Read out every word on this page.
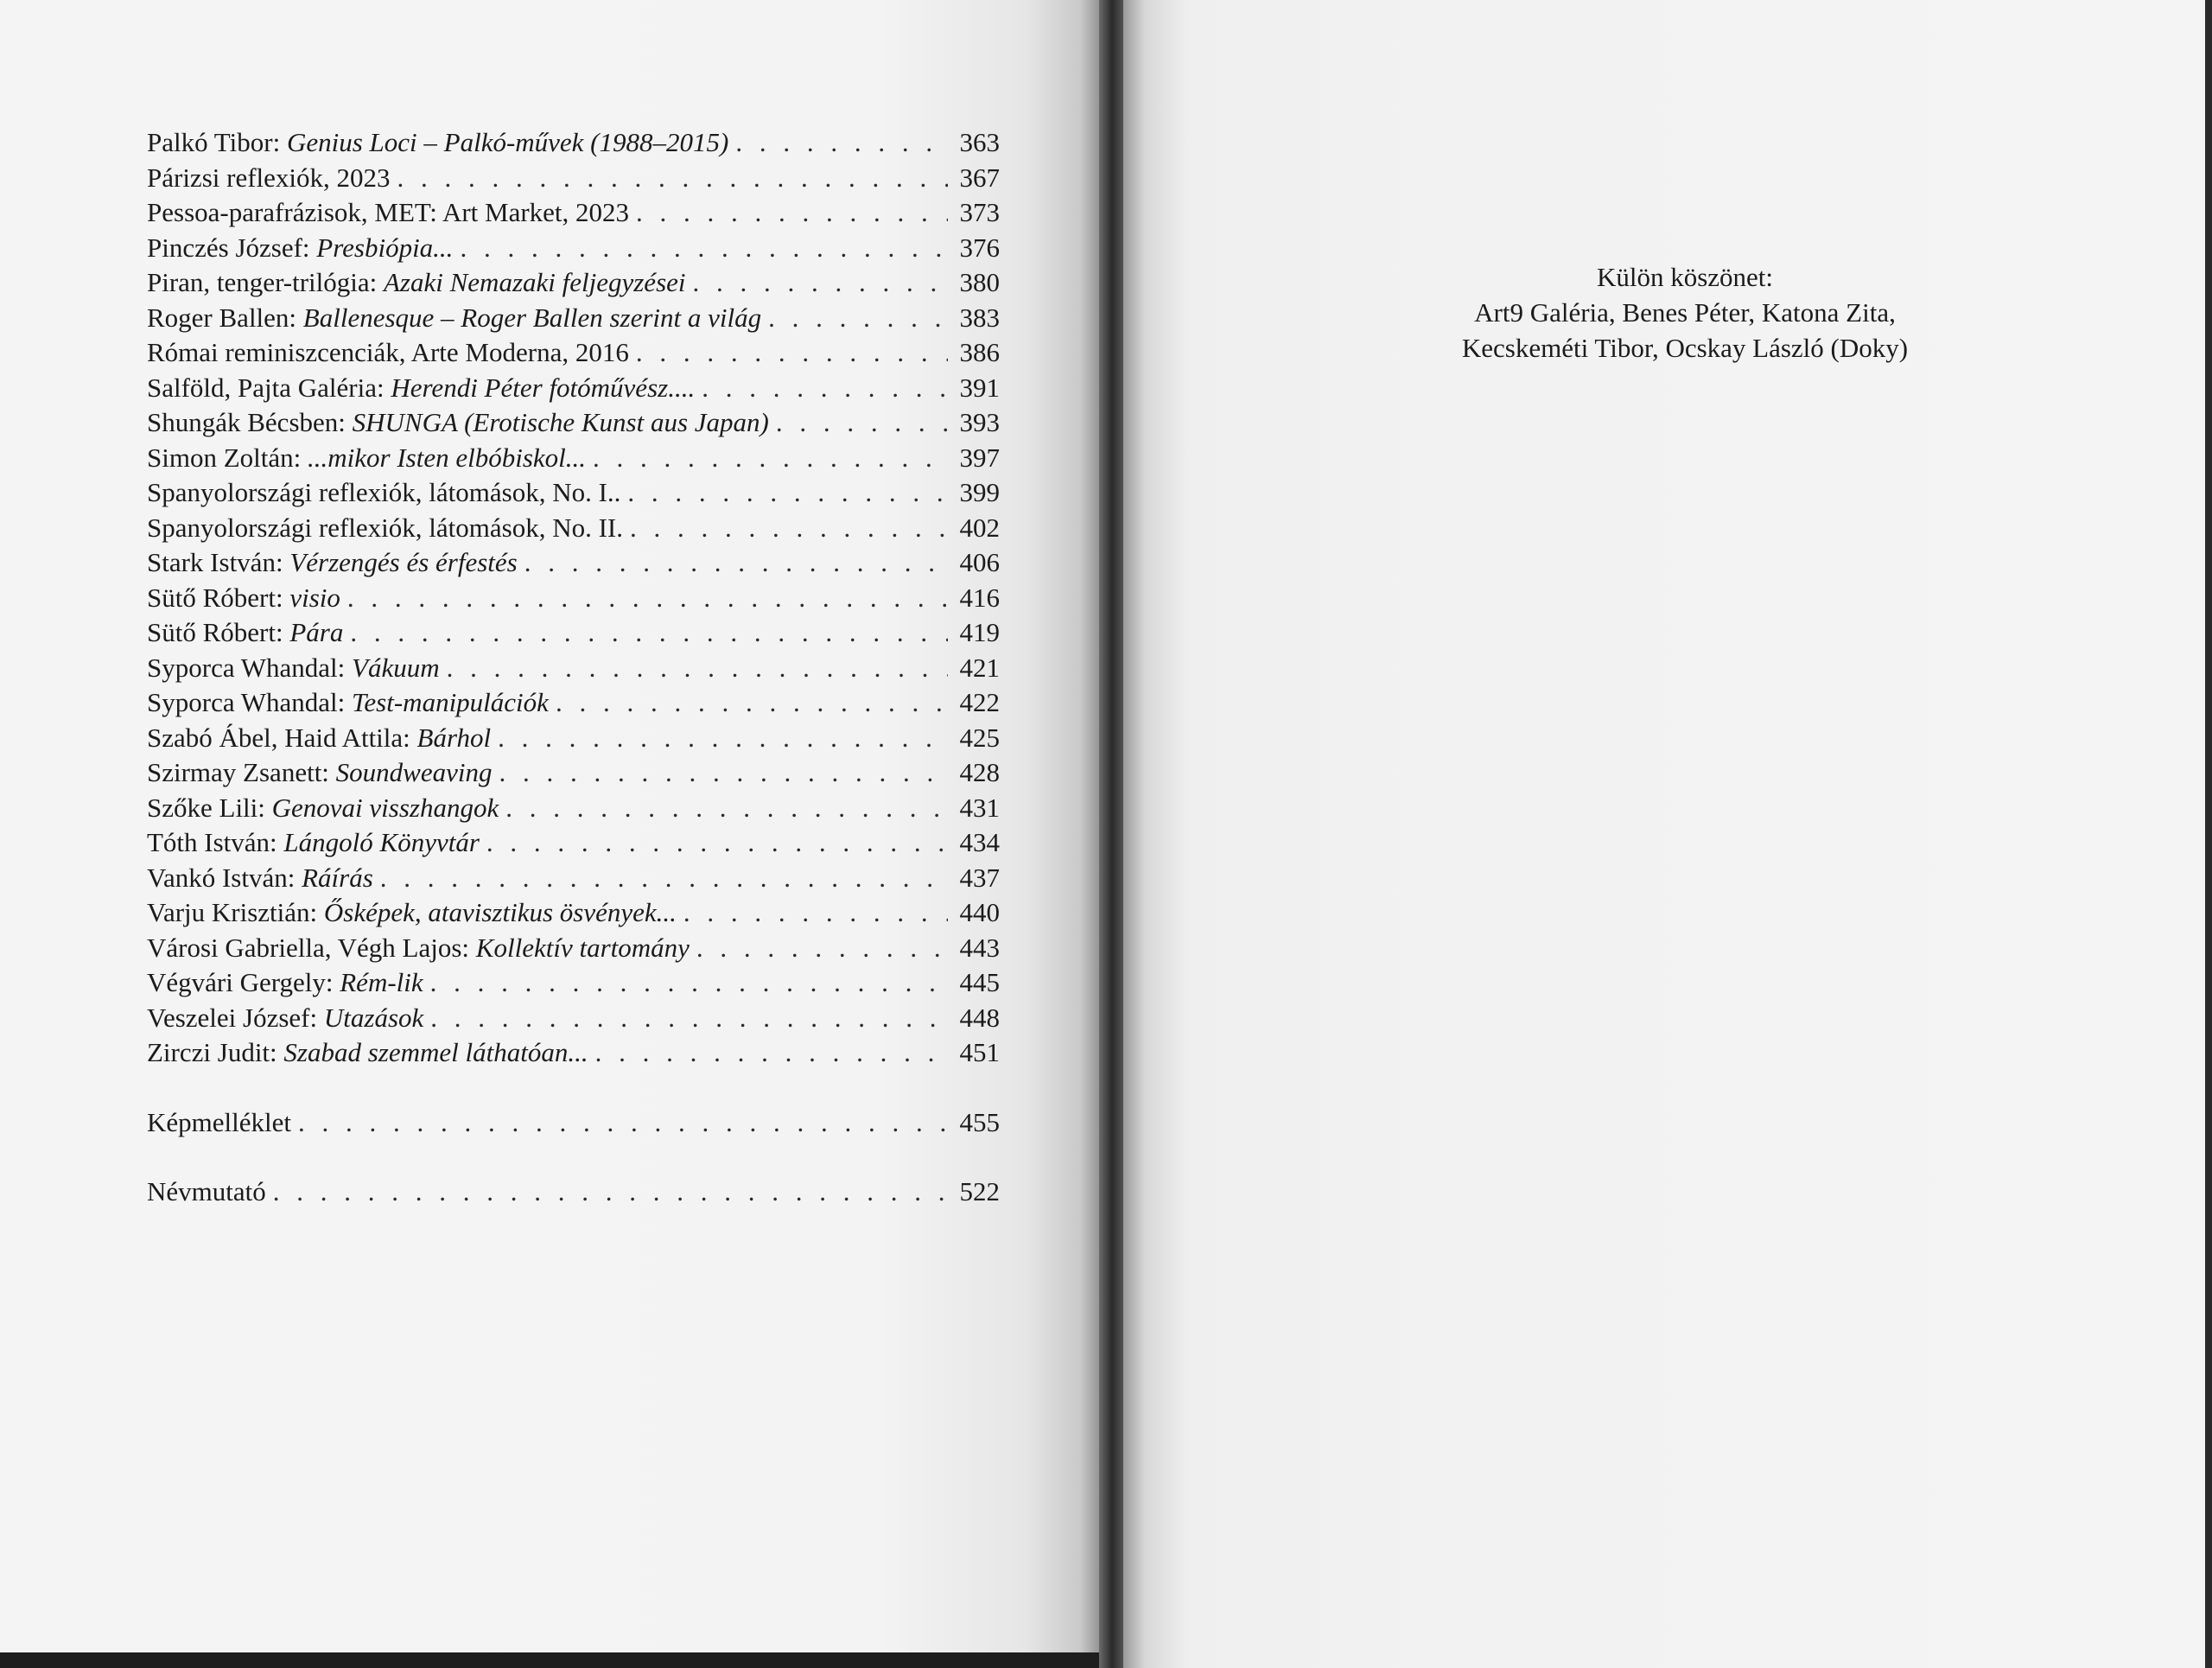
Palkó Tibor: Genius Loci – Palkó-művek (1988–2015) . . .	363
Párizsi reflexiók, 2023 . . .	367
Pessoa-parafrázisok, MET: Art Market, 2023 . . .	373
Pinczés József: Presbiópia... . . .	376
Piran, tenger-trilógia: Azaki Nemazaki feljegyzései . . .	380
Roger Ballen: Ballenesque – Roger Ballen szerint a világ . . .	383
Római reminiszcenciák, Arte Moderna, 2016 . . .	386
Salföld, Pajta Galéria: Herendi Péter fotóművész.... . . .	391
Shungák Bécsben: SHUNGA (Erotische Kunst aus Japan) . . .	393
Simon Zoltán: ...mikor Isten elbóbiskol... . . .	397
Spanyolországi reflexiók, látomások, No. I.. . . .	399
Spanyolországi reflexiók, látomások, No. II. . . .	402
Stark István: Vérzengés és érfestés . . .	406
Sütő Róbert: visio . . .	416
Sütő Róbert: Pára . . .	419
Syporca Whandal: Vákuum . . .	421
Syporca Whandal: Test-manipulációk . . .	422
Szabó Ábel, Haid Attila: Bárhol . . .	425
Szirmay Zsanett: Soundweaving . . .	428
Szőke Lili: Genovai visszhangok . . .	431
Tóth István: Lángoló Könyvtár . . .	434
Vankó István: Ráírás . . .	437
Varju Krisztián: Ősképek, atavisztikus ösvények... . . .	440
Városi Gabriella, Végh Lajos: Kollektív tartomány . . .	443
Végvári Gergely: Rém-lik . . .	445
Veszelei József: Utazások . . .	448
Zirczi Judit: Szabad szemmel láthatóan... . . .	451
Képmelléklet . . .	455
Névmutató . . .	522
Külön köszönet:
Art9 Galéria, Benes Péter, Katona Zita,
Kecskeméti Tibor, Ocskay László (Doky)
